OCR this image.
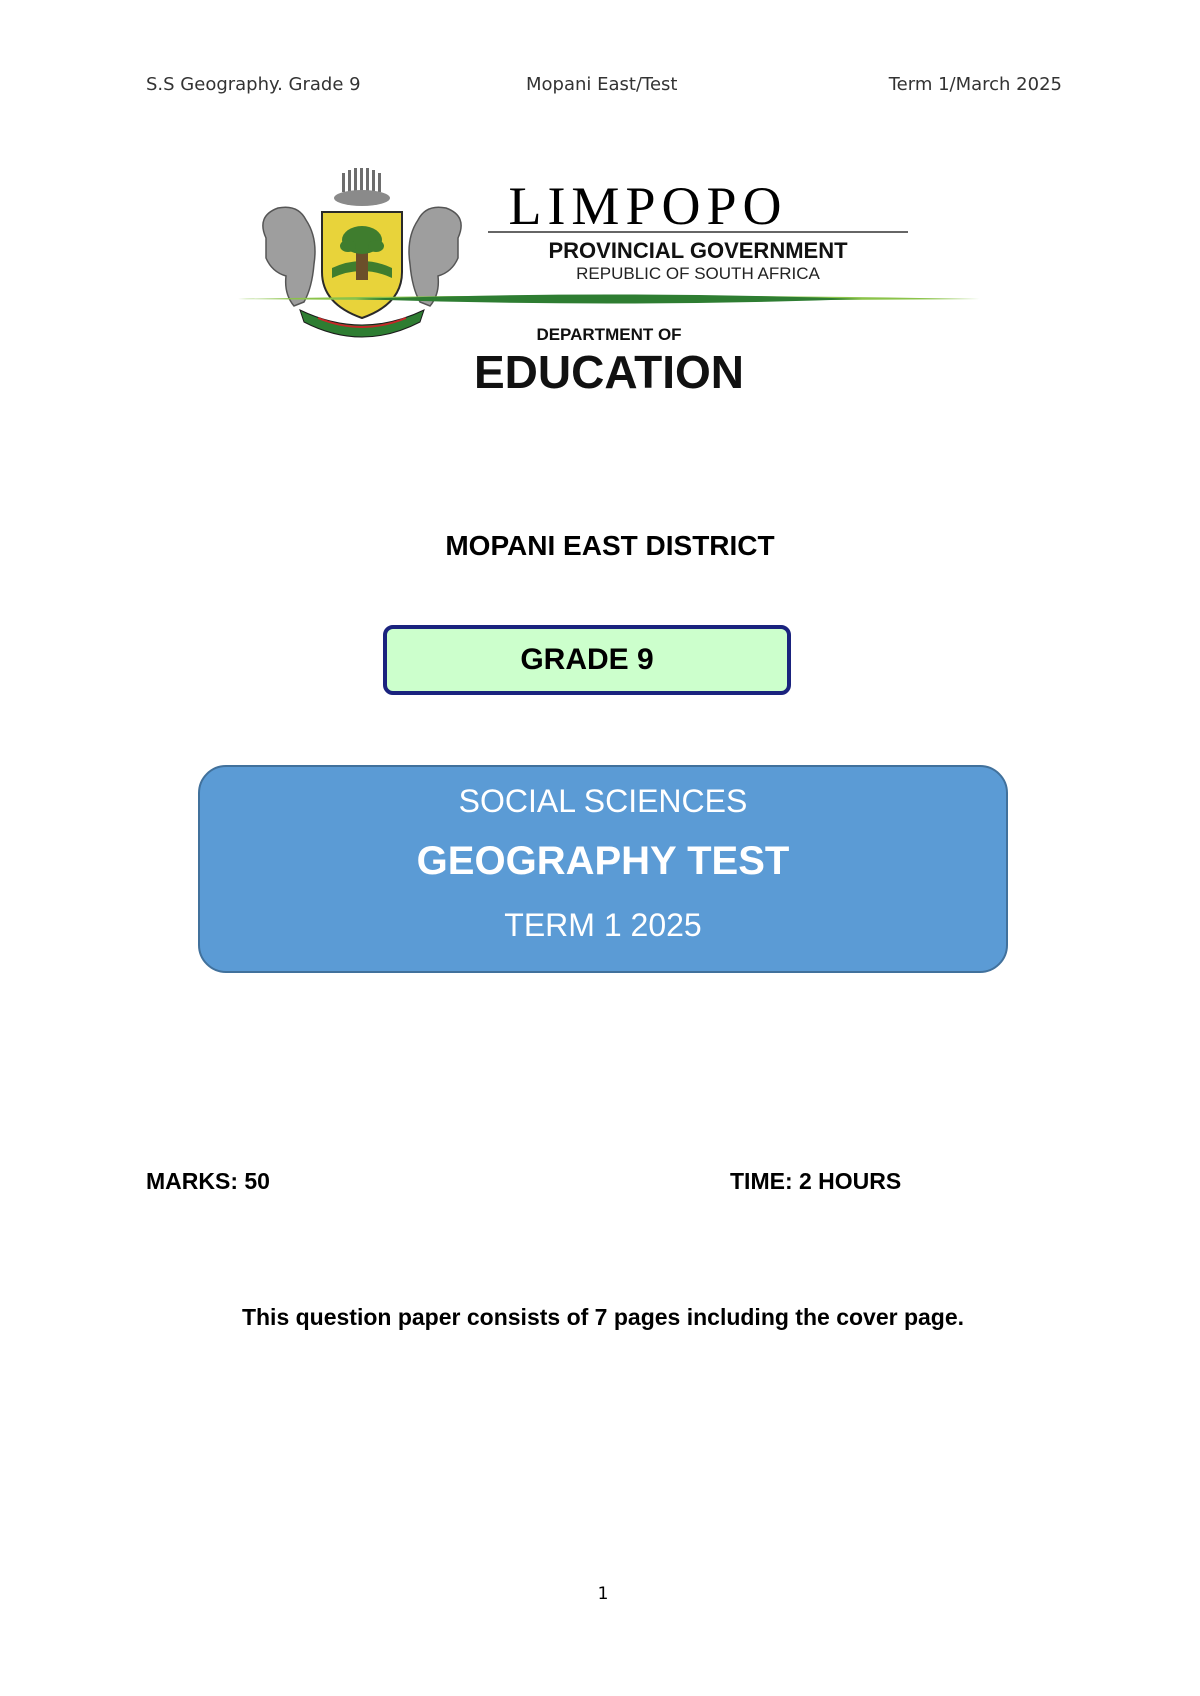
S.S Geography. Grade 9	Mopani East/Test	Term 1/March 2025
LIMPOPO
PROVINCIAL GOVERNMENT
REPUBLIC OF SOUTH AFRICA
DEPARTMENT OF
EDUCATION
MOPANI EAST DISTRICT
GRADE 9
SOCIAL SCIENCES
GEOGRAPHY TEST
TERM 1 2025
MARKS: 50	TIME: 2 HOURS
This question paper consists of 7 pages including the cover page.
1
